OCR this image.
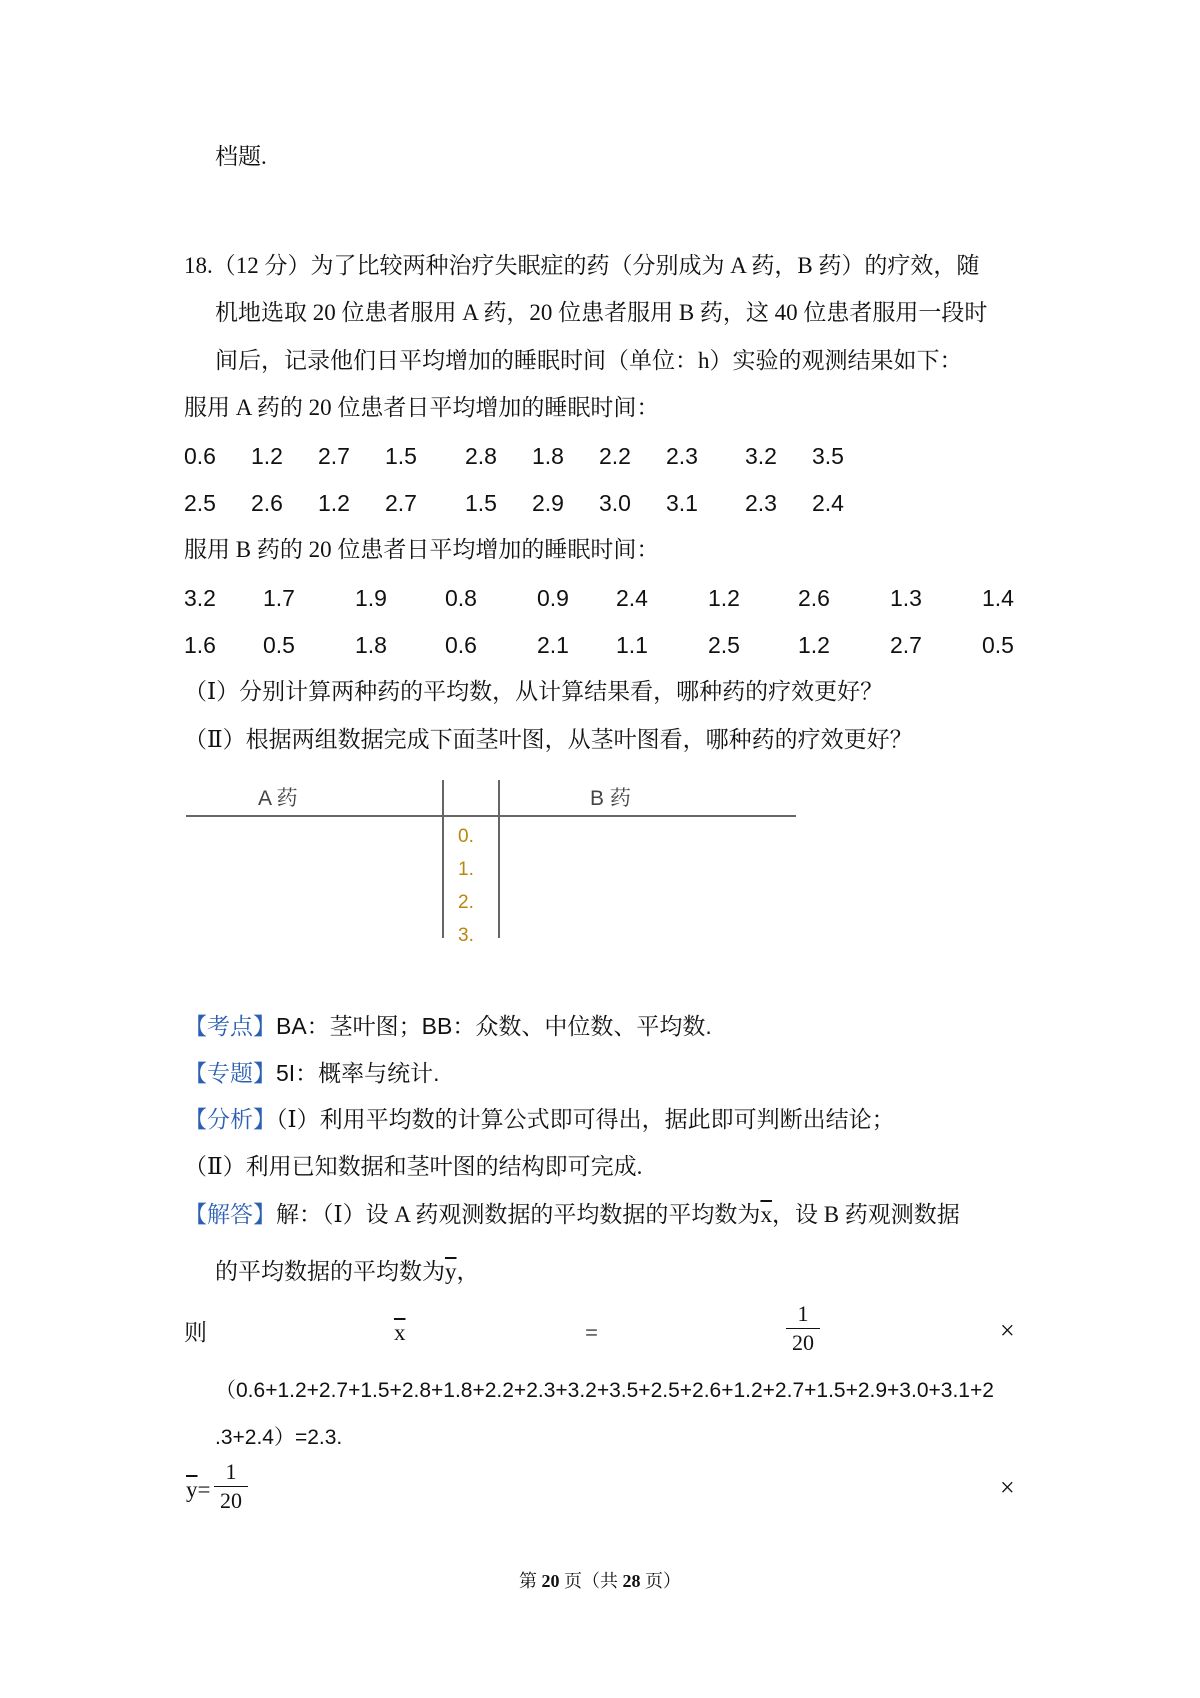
档题.
18.（12 分）为了比较两种治疗失眠症的药（分别成为 A 药，B 药）的疗效，随
机地选取 20 位患者服用 A 药，20 位患者服用 B 药，这 40 位患者服用一段时
间后，记录他们日平均增加的睡眠时间（单位：h）实验的观测结果如下：
服用 A 药的 20 位患者日平均增加的睡眠时间：
0.6 1.2 2.7 1.5 2.8 1.8 2.2 2.3 3.2 3.5
2.5 2.6 1.2 2.7 1.5 2.9 3.0 3.1 2.3 2.4
服用 B 药的 20 位患者日平均增加的睡眠时间：
3.2 1.7	1.9	0.8	0.9 2.4	1.2	2.6	1.3	1.4
1.6 0.5	1.8	0.6	2.1 1.1	2.5	1.2	2.7	0.5
（Ⅰ）分别计算两种药的平均数，从计算结果看，哪种药的疗效更好？
（Ⅱ）根据两组数据完成下面茎叶图，从茎叶图看，哪种药的疗效更好？
A 药	B 药
0.
1.
2.
3.
【考点】BA：茎叶图；BB：众数、中位数、平均数.
【专题】5I：概率与统计.
【分析】（Ⅰ）利用平均数的计算公式即可得出，据此即可判断出结论；
（Ⅱ）利用已知数据和茎叶图的结构即可完成.
【解答】解：（Ⅰ）设 A 药观测数据的平均数据的平均数为$\overline{x}$，设 B 药观测数据
的平均数据的平均数为$\overline{y}$，
则	$\overline{x}$	=
1
20	×
（0.6+1.2+2.7+1.5+2.8+1.8+2.2+2.3+3.2+3.5+2.5+2.6+1.2+2.7+1.5+2.9+3.0+3.1+2
.3+2.4）=2.3.
$\overline{y}=$
1
20	×
第 20 页（共 28 页）
